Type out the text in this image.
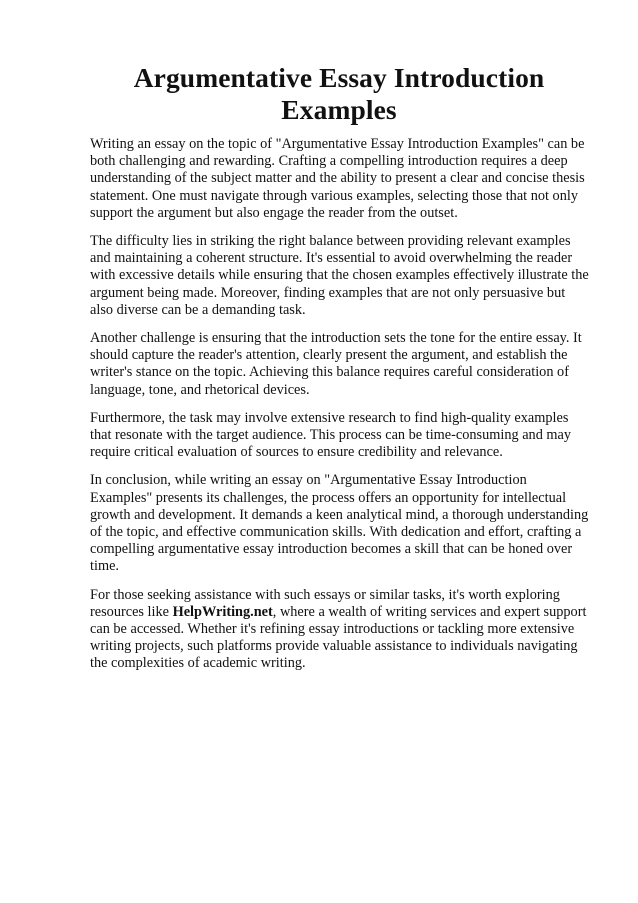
Argumentative Essay Introduction Examples

Writing an essay on the topic of "Argumentative Essay Introduction Examples" can be both challenging and rewarding. Crafting a compelling introduction requires a deep understanding of the subject matter and the ability to present a clear and concise thesis statement. One must navigate through various examples, selecting those that not only support the argument but also engage the reader from the outset.

The difficulty lies in striking the right balance between providing relevant examples and maintaining a coherent structure. It's essential to avoid overwhelming the reader with excessive details while ensuring that the chosen examples effectively illustrate the argument being made. Moreover, finding examples that are not only persuasive but also diverse can be a demanding task.

Another challenge is ensuring that the introduction sets the tone for the entire essay. It should capture the reader's attention, clearly present the argument, and establish the writer's stance on the topic. Achieving this balance requires careful consideration of language, tone, and rhetorical devices.

Furthermore, the task may involve extensive research to find high-quality examples that resonate with the target audience. This process can be time-consuming and may require critical evaluation of sources to ensure credibility and relevance.

In conclusion, while writing an essay on "Argumentative Essay Introduction Examples" presents its challenges, the process offers an opportunity for intellectual growth and development. It demands a keen analytical mind, a thorough understanding of the topic, and effective communication skills. With dedication and effort, crafting a compelling argumentative essay introduction becomes a skill that can be honed over time.

For those seeking assistance with such essays or similar tasks, it's worth exploring resources like HelpWriting.net, where a wealth of writing services and expert support can be accessed. Whether it's refining essay introductions or tackling more extensive writing projects, such platforms provide valuable assistance to individuals navigating the complexities of academic writing.
